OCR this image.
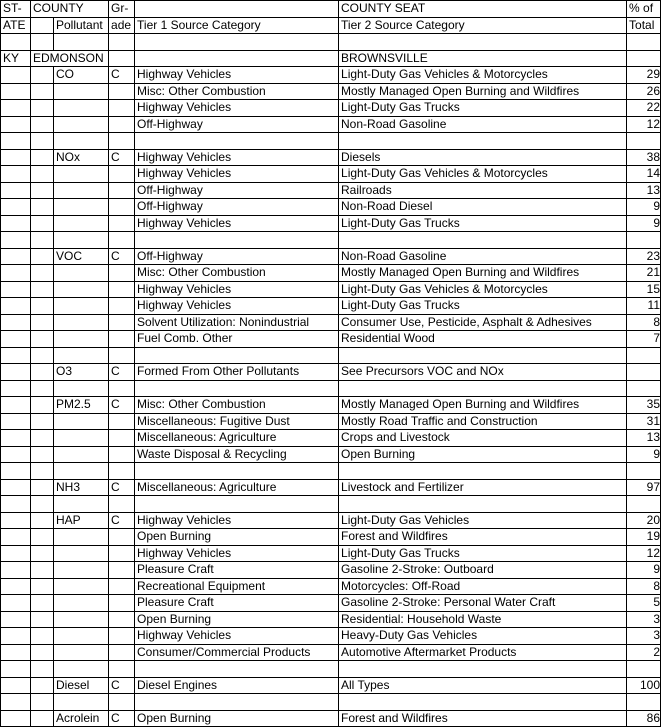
ST-	COUNTY		Gr-		COUNTY SEAT	% of
ATE		Pollutant	ade	Tier 1 Source Category	Tier 2 Source Category	Total

KY	EDMONSON				BROWNSVILLE	
		CO	C	Highway Vehicles	Light-Duty Gas Vehicles & Motorcycles	29
				Misc: Other Combustion	Mostly Managed Open Burning and Wildfires	26
				Highway Vehicles	Light-Duty Gas Trucks	22
				Off-Highway	Non-Road Gasoline	12

		NOx	C	Highway Vehicles	Diesels	38
				Highway Vehicles	Light-Duty Gas Vehicles & Motorcycles	14
				Off-Highway	Railroads	13
				Off-Highway	Non-Road Diesel	9
				Highway Vehicles	Light-Duty Gas Trucks	9

		VOC	C	Off-Highway	Non-Road Gasoline	23
				Misc: Other Combustion	Mostly Managed Open Burning and Wildfires	21
				Highway Vehicles	Light-Duty Gas Vehicles & Motorcycles	15
				Highway Vehicles	Light-Duty Gas Trucks	11
				Solvent Utilization: Nonindustrial	Consumer Use, Pesticide, Asphalt & Adhesives	8
				Fuel Comb. Other	Residential Wood	7

		O3	C	Formed From Other Pollutants	See Precursors VOC and NOx	

		PM2.5	C	Misc: Other Combustion	Mostly Managed Open Burning and Wildfires	35
				Miscellaneous: Fugitive Dust	Mostly Road Traffic and Construction	31
				Miscellaneous: Agriculture	Crops and Livestock	13
				Waste Disposal & Recycling	Open Burning	9

		NH3	C	Miscellaneous: Agriculture	Livestock and Fertilizer	97

		HAP	C	Highway Vehicles	Light-Duty Gas Vehicles	20
				Open Burning	Forest and Wildfires	19
				Highway Vehicles	Light-Duty Gas Trucks	12
				Pleasure Craft	Gasoline 2-Stroke: Outboard	9
				Recreational Equipment	Motorcycles: Off-Road	8
				Pleasure Craft	Gasoline 2-Stroke: Personal Water Craft	5
				Open Burning	Residential: Household Waste	3
				Highway Vehicles	Heavy-Duty Gas Vehicles	3
				Consumer/Commercial Products	Automotive Aftermarket Products	2

		Diesel	C	Diesel Engines	All Types	100

		Acrolein	C	Open Burning	Forest and Wildfires	86
